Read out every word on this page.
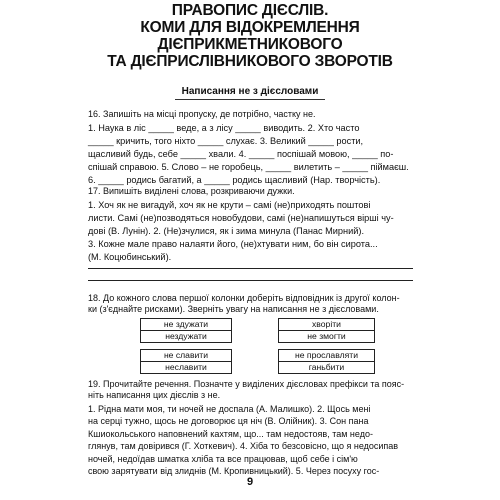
ПРАВОПИС ДІЄСЛІВ.
КОМИ ДЛЯ ВІДОКРЕМЛЕННЯ
ДІЄПРИКМЕТНИКОВОГО
ТА ДІЄПРИСЛІВНИКОВОГО ЗВОРОТІВ
Написання не з дієсловами
16. Запишіть на місці пропуску, де потрібно, частку не.
1. Наука в ліс _____ веде, а з лісу _____ виводить. 2. Хто часто
_____ кричить, того ніхто _____ слухає. 3. Великий _____ рости,
щасливий будь, себе _____ хвали. 4. _____ поспішай мовою, _____ по-
спішай справою. 5. Слово – не горобець, _____ вилетить – _____ піймаєш.
6. _____ родись багатий, а _____ родись щасливий (Нар. творчість).
17. Випишіть виділені слова, розкриваючи дужки.
1. Хоч як не вигадуй, хоч як не крути – самі (не)приходять поштові
листи. Самі (не)позводяться новобудови, самі (не)напишуться вірші чу-
дові (В. Лунін). 2. (Не)зчулися, як і зима минула (Панас Мирний).
3. Кожне мале право налаяти його, (не)хтувати ним, бо він сирота...
(М. Коцюбинський).
18. До кожного слова першої колонки доберіть відповідник із другої колон-
ки (з'єднайте рисками). Зверніть увагу на написання не з дієсловами.
не здужати
нездужати
не славити
неславити
хворіти
не змогти
не прославляти
ганьбити
19. Прочитайте речення. Позначте у виділених дієсловах префікси та пояс-
ніть написання цих дієслів з не.
1. Рідна мати моя, ти ночей не доспала (А. Малишко). 2. Щось мені
на серці тужно, щось не договорює ця ніч (В. Олійник). 3. Сон пана
Кшиокольського наповнений кахтям, що... там недостояв, там недо-
глянув, там довірився (Г. Хоткевич). 4. Хіба то безсовісно, що я недосипав
ночей, недоїдав шматка хліба та все працював, щоб себе і сім'ю
свою зарятувати від злиднів (М. Кропивницький). 5. Через посуху гос-
9
